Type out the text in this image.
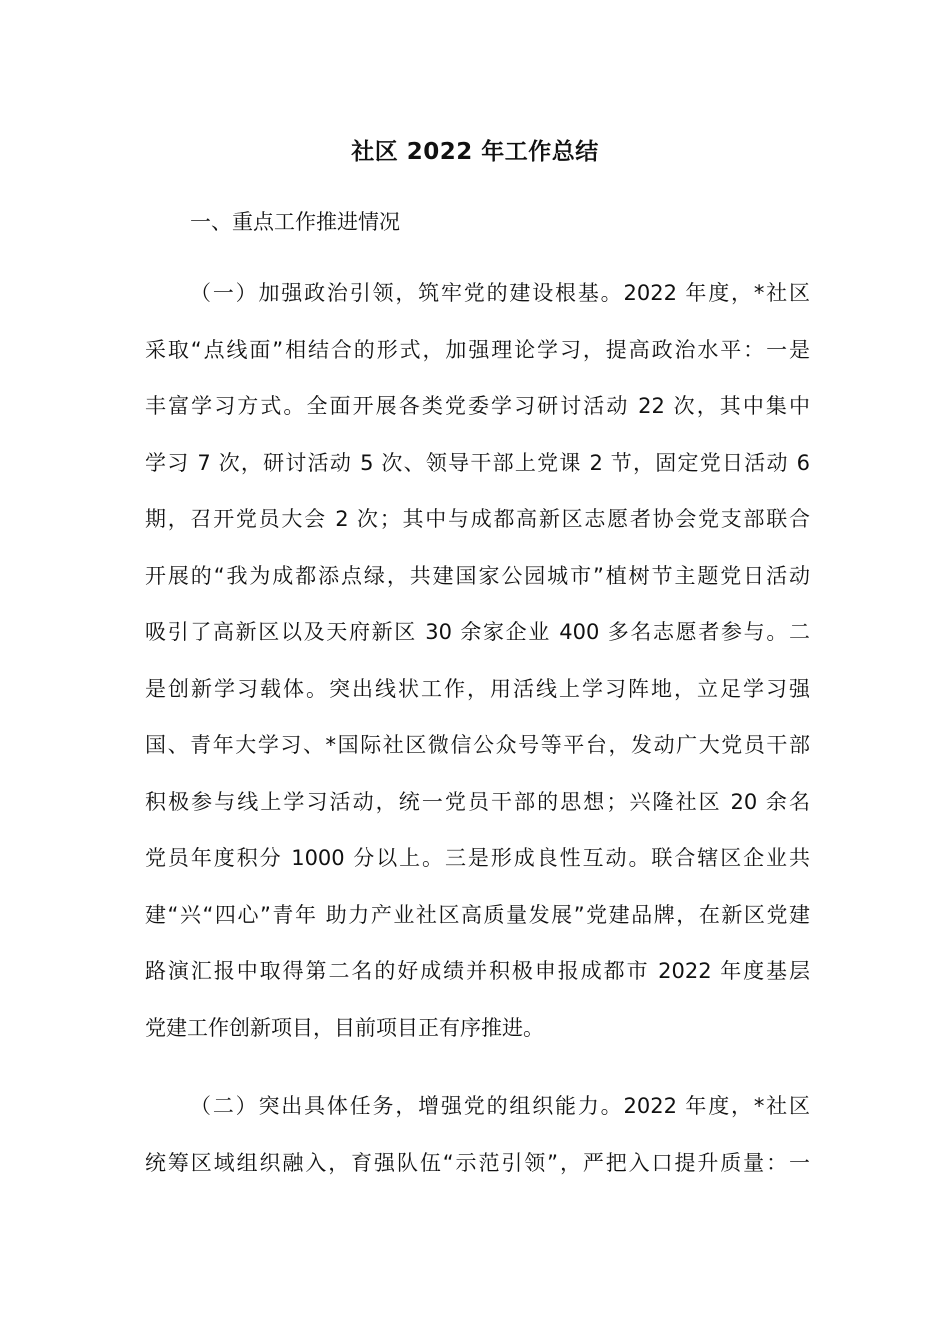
社区 2022 年工作总结
一、重点工作推进情况
（一）加强政治引领，筑牢党的建设根基。2022 年度，*社区
采取“点线面”相结合的形式，加强理论学习，提高政治水平：一是
丰富学习方式。全面开展各类党委学习研讨活动 22 次，其中集中
学习 7 次，研讨活动 5 次、领导干部上党课 2 节，固定党日活动 6
期，召开党员大会 2 次；其中与成都高新区志愿者协会党支部联合
开展的“我为成都添点绿，共建国家公园城市”植树节主题党日活动
吸引了高新区以及天府新区 30 余家企业 400 多名志愿者参与。二
是创新学习载体。突出线状工作，用活线上学习阵地，立足学习强
国、青年大学习、*国际社区微信公众号等平台，发动广大党员干部
积极参与线上学习活动，统一党员干部的思想；兴隆社区 20 余名
党员年度积分 1000 分以上。三是形成良性互动。联合辖区企业共
建“兴“四心”青年 助力产业社区高质量发展”党建品牌，在新区党建
路演汇报中取得第二名的好成绩并积极申报成都市 2022 年度基层
党建工作创新项目，目前项目正有序推进。
（二）突出具体任务，增强党的组织能力。2022 年度，*社区
统筹区域组织融入，育强队伍“示范引领”，严把入口提升质量：一
